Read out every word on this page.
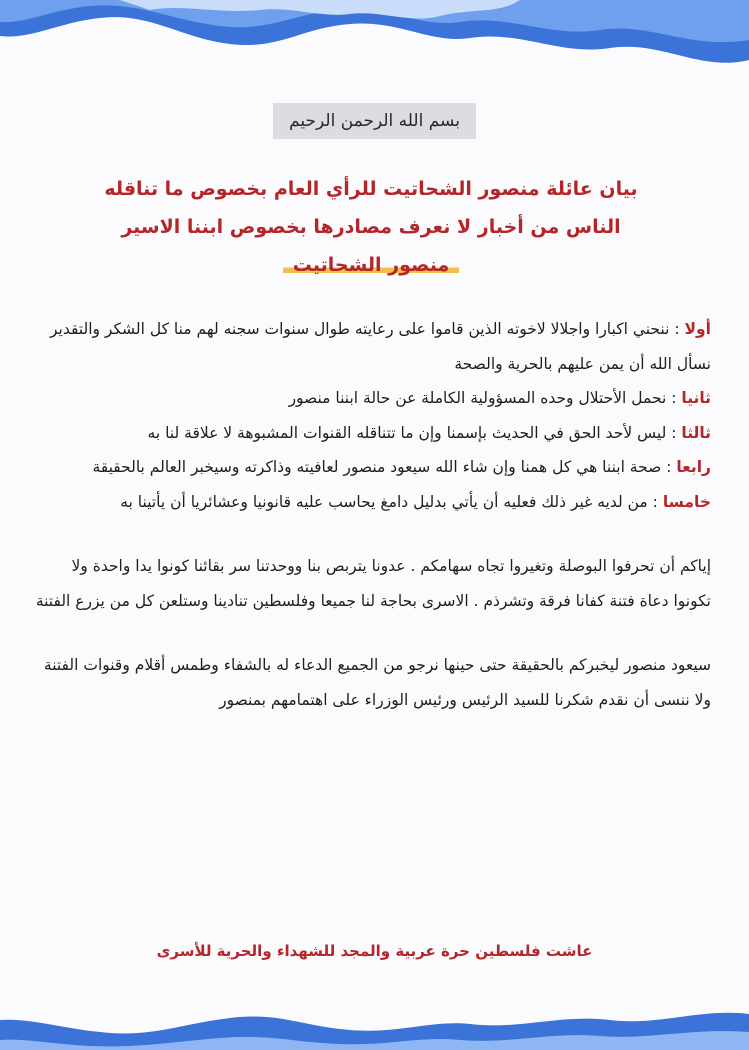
بسم الله الرحمن الرحيم
بيان عائلة منصور الشحاتيت للرأي العام بخصوص ما تناقله
الناس من أخبار لا نعرف مصادرها بخصوص ابننا الاسير
منصور الشحاتيت

أولا : ننحني اكبارا واجلالا لاخوته الذين قاموا على رعايته طوال سنوات سجنه لهم منا كل الشكر والتقدير نسأل الله أن يمن عليهم بالحرية والصحة

ثانيا : نحمل الأحتلال وحده المسؤولية الكاملة عن حالة ابننا منصور

ثالثا : ليس لأحد الحق في الحديث بإسمنا وإن ما تتناقله القنوات المشبوهة لا علاقة لنا به

رابعا : صحة ابننا هي كل همنا وإن شاء الله سيعود منصور لعافيته وذاكرته وسيخبر العالم بالحقيقة

خامسا : من لديه غير ذلك فعليه أن يأتي بدليل دامغ يحاسب عليه قانونيا وعشائريا أن يأتينا به

إياكم أن تحرفوا البوصلة وتغيروا تجاه سهامكم . عدونا يتربص بنا ووحدتنا سر بقائنا كونوا يدا واحدة ولا تكونوا دعاة فتنة كفانا فرقة وتشرذم . الاسرى بحاجة لنا جميعا وفلسطين تنادينا وستلعن كل من يزرع الفتنة

سيعود منصور ليخبركم بالحقيقة حتى حينها نرجو من الجميع الدعاء له بالشفاء وطمس أقلام وقنوات الفتنة

ولا ننسى أن نقدم شكرنا للسيد الرئيس ورئيس الوزراء على اهتمامهم بمنصور

عاشت فلسطين حرة عربية والمجد للشهداء والحرية للأسرى
